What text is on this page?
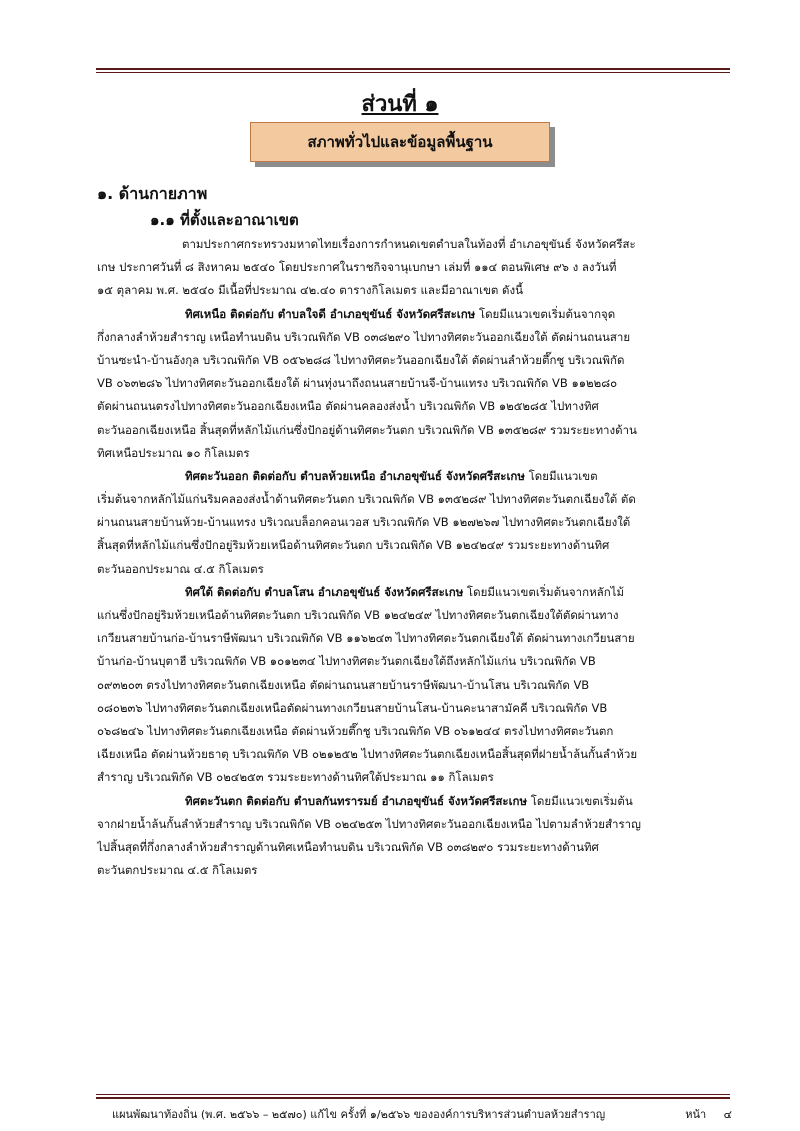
ส่วนที่ ๑
สภาพทั่วไปและข้อมูลพื้นฐาน
๑. ด้านกายภาพ
๑.๑ ที่ตั้งและอาณาเขต
ตามประกาศกระทรวงมหาดไทยเรื่องการกำหนดเขตตำบลในท้องที่ อำเภอขุขันธ์ จังหวัดศรีสะ
เกษ ประกาศวันที่ ๘ สิงหาคม ๒๕๔๐ โดยประกาศในราชกิจจานุเบกษา เล่มที่ ๑๑๔ ตอนพิเศษ ๙๖ ง ลงวันที่
๑๕ ตุลาคม พ.ศ. ๒๕๔๐ มีเนื้อที่ประมาณ ๔๒.๔๐ ตารางกิโลเมตร และมีอาณาเขต ดังนี้
ทิศเหนือ ติดต่อกับ ตำบลใจดี อำเภอขุขันธ์ จังหวัดศรีสะเกษ โดยมีแนวเขตเริ่มต้นจากจุด
กึ่งกลางลำห้วยสำราญ เหนือทำนบดิน บริเวณพิกัด VB ๐๓๘๒๙๐ ไปทางทิศตะวันออกเฉียงใต้ ตัดผ่านถนนสาย
บ้านซะนำ-บ้านอังกุล บริเวณพิกัด VB ๐๕๖๒๘๘ ไปทางทิศตะวันออกเฉียงใต้ ตัดผ่านลำห้วยตึ๊กชู บริเวณพิกัด
VB ๐๖๓๒๘๖ ไปทางทิศตะวันออกเฉียงใต้ ผ่านทุ่งนาถึงถนนสายบ้านจี-บ้านแทรง บริเวณพิกัด VB ๑๑๒๒๘๐
ตัดผ่านถนนตรงไปทางทิศตะวันออกเฉียงเหนือ ตัดผ่านคลองส่งน้ำ บริเวณพิกัด VB ๑๒๕๒๘๕ ไปทางทิศ
ตะวันออกเฉียงเหนือ สิ้นสุดที่หลักไม้แก่นซึ่งปักอยู่ด้านทิศตะวันตก บริเวณพิกัด VB ๑๓๕๒๘๙ รวมระยะทางด้าน
ทิศเหนือประมาณ ๑๐ กิโลเมตร
ทิศตะวันออก ติดต่อกับ ตำบลห้วยเหนือ อำเภอขุขันธ์ จังหวัดศรีสะเกษ โดยมีแนวเขต
เริ่มต้นจากหลักไม้แก่นริมคลองส่งน้ำด้านทิศตะวันตก บริเวณพิกัด VB ๑๓๕๒๘๙ ไปทางทิศตะวันตกเฉียงใต้ ตัด
ผ่านถนนสายบ้านห้วย-บ้านแทรง บริเวณบล็อกคอนเวอส บริเวณพิกัด VB ๑๒๗๒๖๗ ไปทางทิศตะวันตกเฉียงใต้
สิ้นสุดที่หลักไม้แก่นซึ่งปักอยู่ริมห้วยเหนือด้านทิศตะวันตก บริเวณพิกัด VB ๑๒๔๒๔๙ รวมระยะทางด้านทิศ
ตะวันออกประมาณ ๔.๕ กิโลเมตร
ทิศใต้ ติดต่อกับ ตำบลโสน อำเภอขุขันธ์ จังหวัดศรีสะเกษ โดยมีแนวเขตเริ่มต้นจากหลักไม้
แก่นซึ่งปักอยู่ริมห้วยเหนือด้านทิศตะวันตก บริเวณพิกัด VB ๑๒๔๒๔๙ ไปทางทิศตะวันตกเฉียงใต้ตัดผ่านทาง
เกวียนสายบ้านก่อ-บ้านราษีพัฒนา บริเวณพิกัด VB ๑๑๖๒๔๓ ไปทางทิศตะวันตกเฉียงใต้ ตัดผ่านทางเกวียนสาย
บ้านก่อ-บ้านบุตาฮี บริเวณพิกัด VB ๑๐๑๒๓๔ ไปทางทิศตะวันตกเฉียงใต้ถึงหลักไม้แก่น บริเวณพิกัด VB
๐๙๓๒๐๓ ตรงไปทางทิศตะวันตกเฉียงเหนือ ตัดผ่านถนนสายบ้านราษีพัฒนา-บ้านโสน บริเวณพิกัด VB
๐๘๐๒๓๖ ไปทางทิศตะวันตกเฉียงเหนือตัดผ่านทางเกวียนสายบ้านโสน-บ้านคะนาสามัคคี บริเวณพิกัด VB
๐๖๘๒๔๖ ไปทางทิศตะวันตกเฉียงเหนือ ตัดผ่านห้วยตึ๊กชู บริเวณพิกัด VB ๐๖๑๒๔๔ ตรงไปทางทิศตะวันตก
เฉียงเหนือ ตัดผ่านห้วยธาตุ บริเวณพิกัด VB ๐๒๑๒๕๒ ไปทางทิศตะวันตกเฉียงเหนือสิ้นสุดที่ฝายน้ำล้นกั้นลำห้วย
สำราญ บริเวณพิกัด VB ๐๒๔๒๕๓ รวมระยะทางด้านทิศใต้ประมาณ ๑๑ กิโลเมตร
ทิศตะวันตก ติดต่อกับ ตำบลกันทรารมย์ อำเภอขุขันธ์ จังหวัดศรีสะเกษ โดยมีแนวเขตเริ่มต้น
จากฝายน้ำล้นกั้นลำห้วยสำราญ บริเวณพิกัด VB ๐๒๔๒๕๓ ไปทางทิศตะวันออกเฉียงเหนือ ไปตามลำห้วยสำราญ
ไปสิ้นสุดที่กึ่งกลางลำห้วยสำราญด้านทิศเหนือทำนบดิน บริเวณพิกัด VB ๐๓๘๒๙๐ รวมระยะทางด้านทิศ
ตะวันตกประมาณ ๔.๕ กิโลเมตร
แผนพัฒนาท้องถิ่น (พ.ศ. ๒๕๖๖ – ๒๕๗๐) แก้ไข ครั้งที่ ๑/๒๕๖๖ ขององค์การบริหารส่วนตำบลห้วยสำราญ	หน้า ๔
